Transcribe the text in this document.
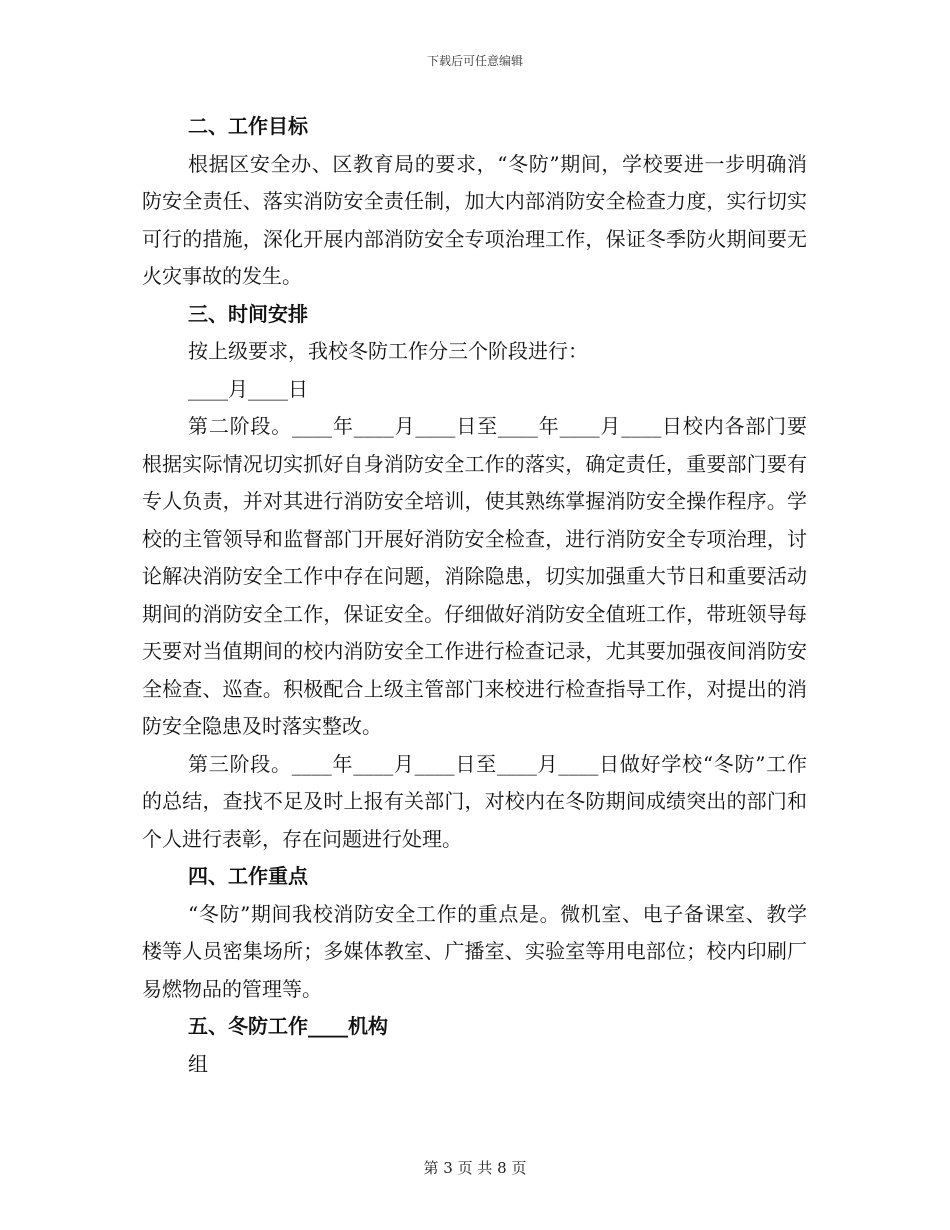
下载后可任意编辑
二、工作目标

根据区安全办、区教育局的要求，“冬防”期间，学校要进一步明确消防安全责任、落实消防安全责任制，加大内部消防安全检查力度，实行切实可行的措施，深化开展内部消防安全专项治理工作，保证冬季防火期间要无火灾事故的发生。

三、时间安排

按上级要求，我校冬防工作分三个阶段进行：

____月____日

第二阶段。____年____月____日至____年____月____日校内各部门要根据实际情况切实抓好自身消防安全工作的落实，确定责任，重要部门要有专人负责，并对其进行消防安全培训，使其熟练掌握消防安全操作程序。学校的主管领导和监督部门开展好消防安全检查，进行消防安全专项治理，讨论解决消防安全工作中存在问题，消除隐患，切实加强重大节日和重要活动期间的消防安全工作，保证安全。仔细做好消防安全值班工作，带班领导每天要对当值期间的校内消防安全工作进行检查记录，尤其要加强夜间消防安全检查、巡查。积极配合上级主管部门来校进行检查指导工作，对提出的消防安全隐患及时落实整改。

第三阶段。____年____月____日至____月____日做好学校“冬防”工作的总结，查找不足及时上报有关部门，对校内在冬防期间成绩突出的部门和个人进行表彰，存在问题进行处理。

四、工作重点

“冬防”期间我校消防安全工作的重点是。微机室、电子备课室、教学楼等人员密集场所；多媒体教室、广播室、实验室等用电部位；校内印刷厂易燃物品的管理等。

五、冬防工作____机构

组

第 3 页 共 8 页
